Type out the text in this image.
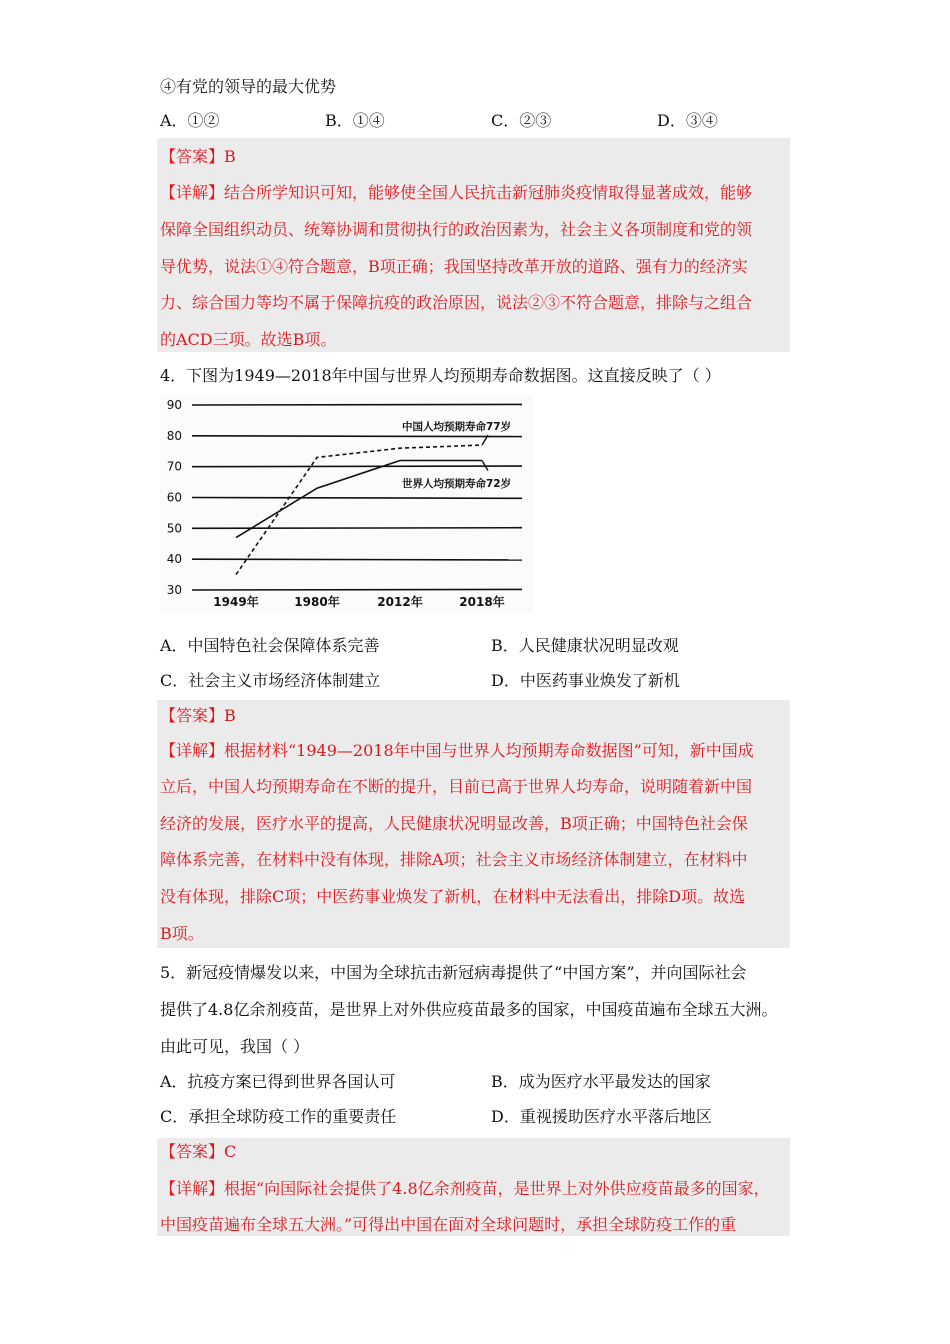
④有党的领导的最大优势
A．①②	B．①④	C．②③	D．③④
【答案】B
【详解】结合所学知识可知，能够使全国人民抗击新冠肺炎疫情取得显著成效，能够
保障全国组织动员、统筹协调和贯彻执行的政治因素为，社会主义各项制度和党的领
导优势，说法①④符合题意，B项正确；我国坚持改革开放的道路、强有力的经济实
力、综合国力等均不属于保障抗疫的政治原因，说法②③不符合题意，排除与之组合
的ACD三项。故选B项。
4．下图为1949—2018年中国与世界人均预期寿命数据图。这直接反映了（ ）
90
80
70
60
50
40
30
1949年	1980年	2012年	2018年
中国人均预期寿命77岁
世界人均预期寿命72岁
A．中国特色社会保障体系完善	B．人民健康状况明显改观
C．社会主义市场经济体制建立	D．中医药事业焕发了新机
【答案】B
【详解】根据材料“1949—2018年中国与世界人均预期寿命数据图”可知，新中国成
立后，中国人均预期寿命在不断的提升，目前已高于世界人均寿命，说明随着新中国
经济的发展，医疗水平的提高，人民健康状况明显改善，B项正确；中国特色社会保
障体系完善，在材料中没有体现，排除A项；社会主义市场经济体制建立，在材料中
没有体现，排除C项；中医药事业焕发了新机，在材料中无法看出，排除D项。故选
B项。
5．新冠疫情爆发以来，中国为全球抗击新冠病毒提供了“中国方案”，并向国际社会
提供了4.8亿余剂疫苗，是世界上对外供应疫苗最多的国家，中国疫苗遍布全球五大洲。
由此可见，我国（ ）
A．抗疫方案已得到世界各国认可	B．成为医疗水平最发达的国家
C．承担全球防疫工作的重要责任	D．重视援助医疗水平落后地区
【答案】C
【详解】根据“向国际社会提供了4.8亿余剂疫苗，是世界上对外供应疫苗最多的国家，
中国疫苗遍布全球五大洲。”可得出中国在面对全球问题时，承担全球防疫工作的重
